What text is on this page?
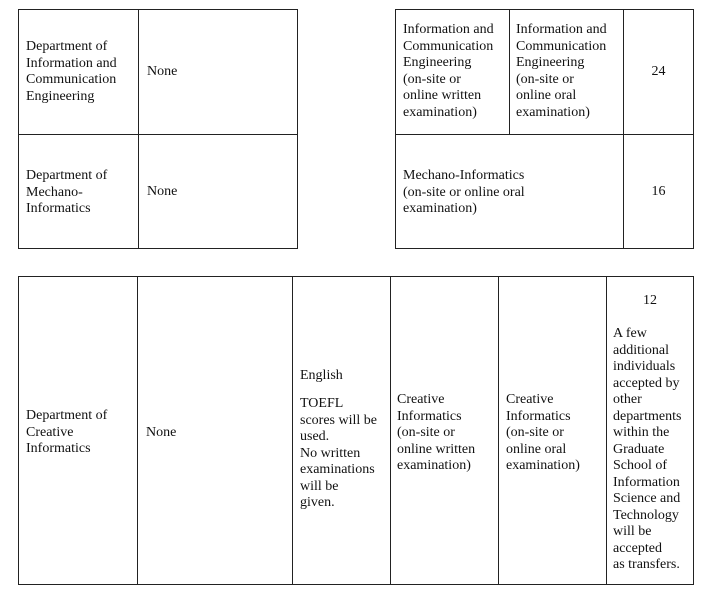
Department of
Information and
Communication
Engineering
None
Information and
Communication
Engineering
(on-site or
online written
examination)
Information and
Communication
Engineering
(on-site or
online oral
examination)
24
Department of
Mechano-
Informatics
None
Mechano-Informatics
(on-site or online oral
examination)
16
Department of
Creative
Informatics
None
English
TOEFL
scores will be
used.
No written
examinations
will be
given.
Creative
Informatics
(on-site or
online written
examination)
Creative
Informatics
(on-site or
online oral
examination)
12
A few
additional
individuals
accepted by
other
departments
within the
Graduate
School of
Information
Science and
Technology
will be
accepted
as transfers.
